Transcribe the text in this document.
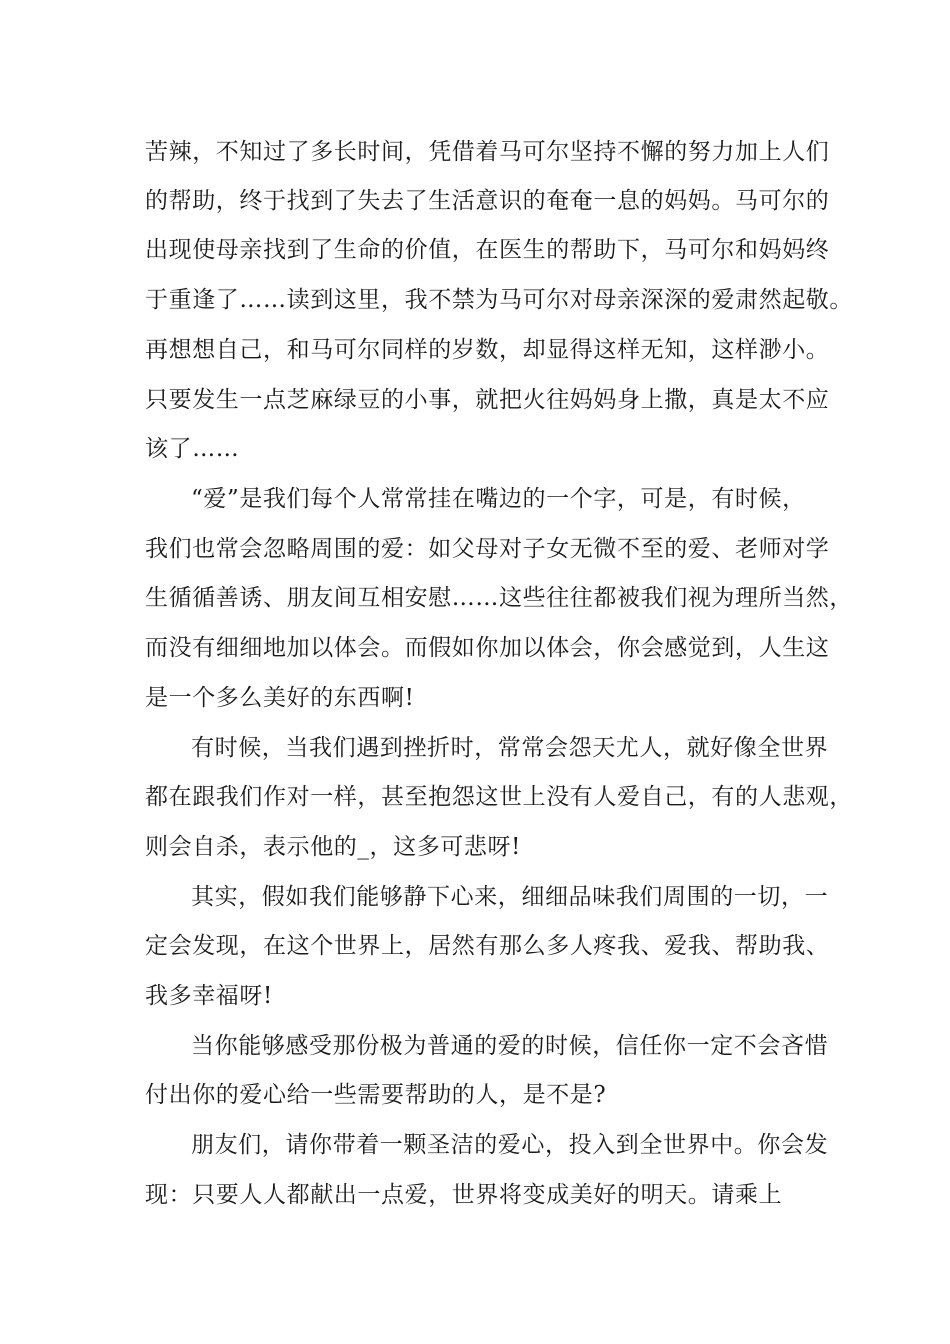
苦辣，不知过了多长时间，凭借着马可尔坚持不懈的努力加上人们
的帮助，终于找到了失去了生活意识的奄奄一息的妈妈。马可尔的
出现使母亲找到了生命的价值，在医生的帮助下，马可尔和妈妈终
于重逢了……读到这里，我不禁为马可尔对母亲深深的爱肃然起敬。
再想想自己，和马可尔同样的岁数，却显得这样无知，这样渺小。
只要发生一点芝麻绿豆的小事，就把火往妈妈身上撒，真是太不应
该了……
“爱”是我们每个人常常挂在嘴边的一个字，可是，有时候，
我们也常会忽略周围的爱：如父母对子女无微不至的爱、老师对学
生循循善诱、朋友间互相安慰……这些往往都被我们视为理所当然，
而没有细细地加以体会。而假如你加以体会，你会感觉到，人生这
是一个多么美好的东西啊!
有时候，当我们遇到挫折时，常常会怨天尤人，就好像全世界
都在跟我们作对一样，甚至抱怨这世上没有人爱自己，有的人悲观，
则会自杀，表示他的_，这多可悲呀!
其实，假如我们能够静下心来，细细品味我们周围的一切，一
定会发现，在这个世界上，居然有那么多人疼我、爱我、帮助我、
我多幸福呀!
当你能够感受那份极为普通的爱的时候，信任你一定不会吝惜
付出你的爱心给一些需要帮助的人，是不是?
朋友们，请你带着一颗圣洁的爱心，投入到全世界中。你会发
现：只要人人都献出一点爱，世界将变成美好的明天。请乘上
